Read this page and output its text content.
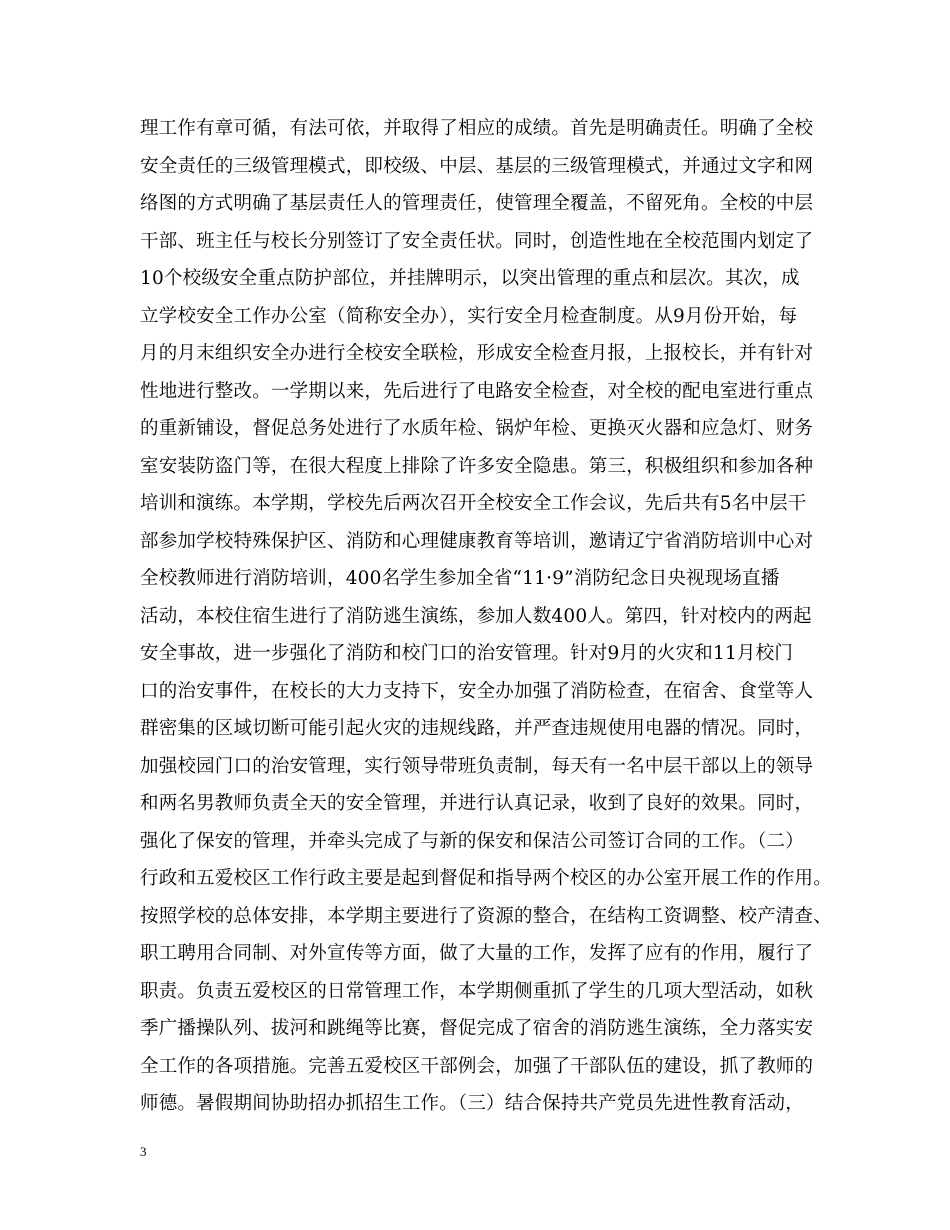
理工作有章可循，有法可依，并取得了相应的成绩。首先是明确责任。明确了全校
安全责任的三级管理模式，即校级、中层、基层的三级管理模式，并通过文字和网
络图的方式明确了基层责任人的管理责任，使管理全覆盖，不留死角。全校的中层
干部、班主任与校长分别签订了安全责任状。同时，创造性地在全校范围内划定了
10个校级安全重点防护部位，并挂牌明示，以突出管理的重点和层次。其次，成
立学校安全工作办公室（简称安全办），实行安全月检查制度。从9月份开始，每
月的月末组织安全办进行全校安全联检，形成安全检查月报，上报校长，并有针对
性地进行整改。一学期以来，先后进行了电路安全检查，对全校的配电室进行重点
的重新铺设，督促总务处进行了水质年检、锅炉年检、更换灭火器和应急灯、财务
室安装防盗门等，在很大程度上排除了许多安全隐患。第三，积极组织和参加各种
培训和演练。本学期，学校先后两次召开全校安全工作会议，先后共有5名中层干
部参加学校特殊保护区、消防和心理健康教育等培训，邀请辽宁省消防培训中心对
全校教师进行消防培训，400名学生参加全省“11·9”消防纪念日央视现场直播
活动，本校住宿生进行了消防逃生演练，参加人数400人。第四，针对校内的两起
安全事故，进一步强化了消防和校门口的治安管理。针对9月的火灾和11月校门
口的治安事件，在校长的大力支持下，安全办加强了消防检查，在宿舍、食堂等人
群密集的区域切断可能引起火灾的违规线路，并严查违规使用电器的情况。同时，
加强校园门口的治安管理，实行领导带班负责制，每天有一名中层干部以上的领导
和两名男教师负责全天的安全管理，并进行认真记录，收到了良好的效果。同时，
强化了保安的管理，并牵头完成了与新的保安和保洁公司签订合同的工作。（二）
行政和五爱校区工作行政主要是起到督促和指导两个校区的办公室开展工作的作用。
按照学校的总体安排，本学期主要进行了资源的整合，在结构工资调整、校产清查、
职工聘用合同制、对外宣传等方面，做了大量的工作，发挥了应有的作用，履行了
职责。负责五爱校区的日常管理工作，本学期侧重抓了学生的几项大型活动，如秋
季广播操队列、拔河和跳绳等比赛，督促完成了宿舍的消防逃生演练，全力落实安
全工作的各项措施。完善五爱校区干部例会，加强了干部队伍的建设，抓了教师的
师德。暑假期间协助招办抓招生工作。（三）结合保持共产党员先进性教育活动，
3
